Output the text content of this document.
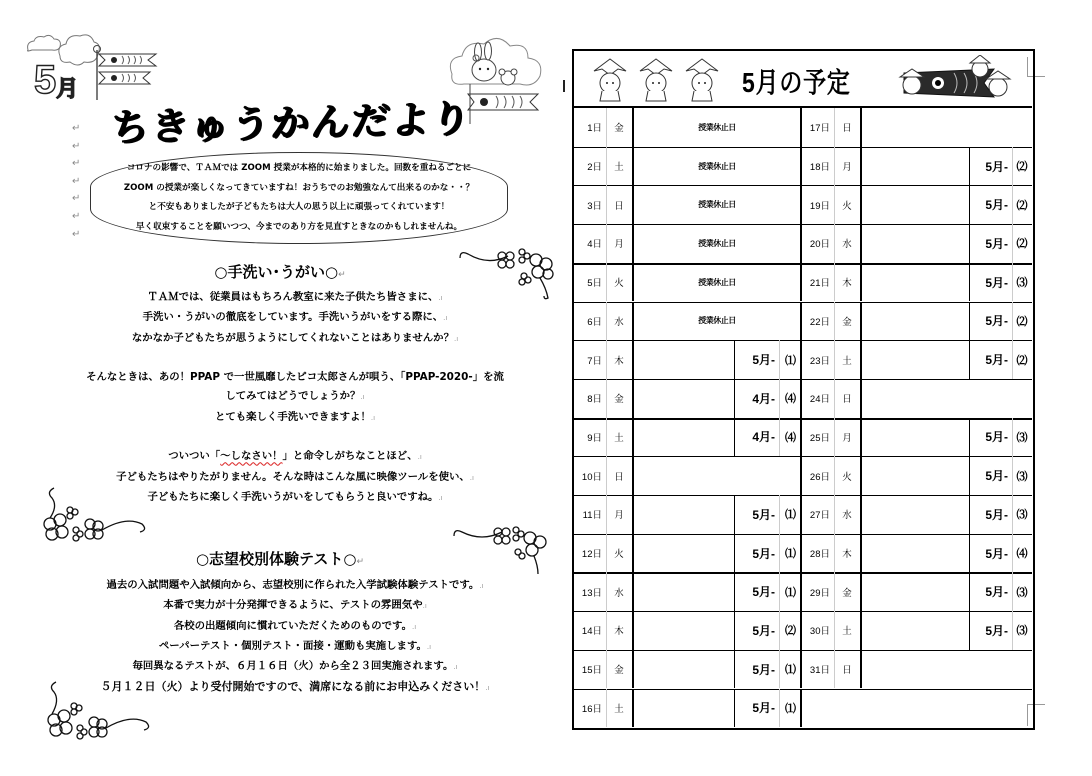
5月
↵
↵
↵
↵
↵
↵
↵
ちきゅうかんだより

コロナの影響で、ＴＡＭでは ZOOM 授業が本格的に始まりました。回数を重ねるごとに

ZOOM の授業が楽しくなってきていますね！おうちでのお勉強なんて出来るのかな・・？

と不安もありましたが子どもたちは大人の思う以上に頑張ってくれています！

早く収束することを願いつつ、今までのあり方を見直すときなのかもしれませんね。

○手洗い･うがい○↵

ＴＡＭでは、従業員はもちろん教室に来た子供たち皆さまに、.ı

手洗い・うがいの徹底をしています。手洗いうがいをする際に、.ı

なかなか子どもたちが思うようにしてくれないことはありませんか？.ı

そんなときは、あの！PPAP で一世風靡したピコ太郎さんが唄う、「PPAP-2020-」を流

してみてはどうでしょうか？.ı

とても楽しく手洗いできますよ！.ı

ついつい「～しなさい！」と命令しがちなことほど、.ı

子どもたちはやりたがりません。そんな時はこんな風に映像ツールを使い、.ı

子どもたちに楽しく手洗いうがいをしてもらうと良いですね。.ı

○志望校別体験テスト○↵

過去の入試問題や入試傾向から、志望校別に作られた入学試験体験テストです。.ı

本番で実力が十分発揮できるように、テストの雰囲気や.ı

各校の出題傾向に慣れていただくためのものです。.ı

ペーパーテスト・個別テスト・面接・運動も実施します。.ı

毎回異なるテストが、６月１６日（火）から全２３回実施されます。.ı

５月１２日（火）より受付開始ですので、満席になる前にお申込みください！.ı

5月の予定
1日	金	授業休止日	17日	日
2日	土	授業休止日	18日	月	5月- ⑵
3日	日	授業休止日	19日	火	5月- ⑵
4日	月	授業休止日	20日	水	5月- ⑵
5日	火	授業休止日	21日	木	5月- ⑶
6日	水	授業休止日	22日	金	5月- ⑵
7日	木	5月- ⑴	23日	土	5月- ⑵
8日	金	4月- ⑷	24日	日
9日	土	4月- ⑷	25日	月	5月- ⑶
10日	日	26日	火	5月- ⑶
11日	月	5月- ⑴	27日	水	5月- ⑶
12日	火	5月- ⑴	28日	木	5月- ⑷
13日	水	5月- ⑴	29日	金	5月- ⑶
14日	木	5月- ⑵	30日	土	5月- ⑶
15日	金	5月- ⑴	31日	日
16日	土	5月- ⑴
